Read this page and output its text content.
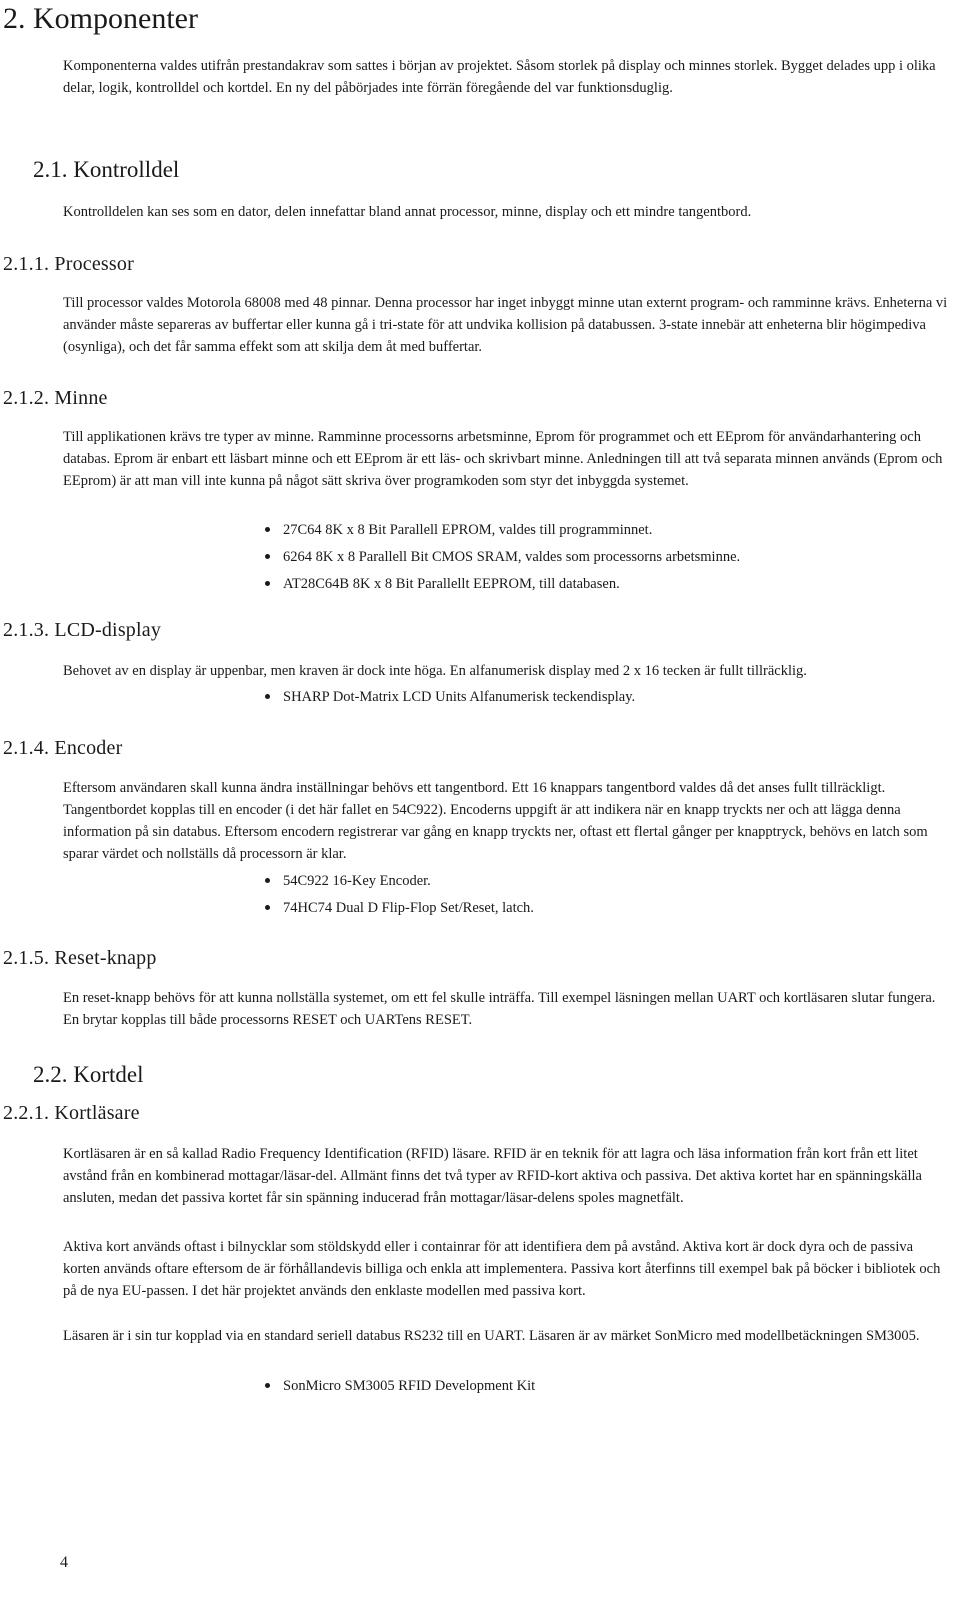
2. Komponenter
Komponenterna valdes utifrån prestandakrav som sattes i början av projektet. Såsom storlek på display och minnes storlek. Bygget delades upp i olika delar, logik, kontrolldel och kortdel. En ny del påbörjades inte förrän föregående del var funktionsduglig.
2.1. Kontrolldel
Kontrolldelen kan ses som en dator, delen innefattar bland annat processor, minne, display och ett mindre tangentbord.
2.1.1. Processor
Till processor valdes Motorola 68008 med 48 pinnar. Denna processor har inget inbyggt minne utan externt program- och ramminne krävs. Enheterna vi använder måste separeras av buffertar eller kunna gå i tri-state för att undvika kollision på databussen. 3-state innebär att enheterna blir högimpediva (osynliga), och det får samma effekt som att skilja dem åt med buffertar.
2.1.2. Minne
Till applikationen krävs tre typer av minne. Ramminne processorns arbetsminne, Eprom för programmet och ett EEprom för användarhantering och databas. Eprom är enbart ett läsbart minne och ett EEprom är ett läs- och skrivbart minne. Anledningen till att två separata minnen används (Eprom och EEprom) är att man vill inte kunna på något sätt skriva över programkoden som styr det inbyggda systemet.
27C64 8K x 8 Bit Parallell EPROM, valdes till programminnet.
6264 8K x 8 Parallell Bit CMOS SRAM, valdes som processorns arbetsminne.
AT28C64B 8K x 8 Bit Parallellt EEPROM, till databasen.
2.1.3. LCD-display
Behovet av en display är uppenbar, men kraven är dock inte höga. En alfanumerisk display med 2 x 16 tecken är fullt tillräcklig.
SHARP Dot-Matrix LCD Units Alfanumerisk teckendisplay.
2.1.4. Encoder
Eftersom användaren skall kunna ändra inställningar behövs ett tangentbord. Ett 16 knappars tangentbord valdes då det anses fullt tillräckligt. Tangentbordet kopplas till en encoder (i det här fallet en 54C922). Encoderns uppgift är att indikera när en knapp tryckts ner och att lägga denna information på sin databus. Eftersom encodern registrerar var gång en knapp tryckts ner, oftast ett flertal gånger per knapptryck, behövs en latch som sparar värdet och nollställs då processorn är klar.
54C922 16-Key Encoder.
74HC74 Dual D Flip-Flop Set/Reset, latch.
2.1.5. Reset-knapp
En reset-knapp behövs för att kunna nollställa systemet, om ett fel skulle inträffa. Till exempel läsningen mellan UART och kortläsaren slutar fungera. En brytar kopplas till både processorns RESET och UARTens RESET.
2.2. Kortdel
2.2.1. Kortläsare
Kortläsaren är en så kallad Radio Frequency Identification (RFID) läsare. RFID är en teknik för att lagra och läsa information från kort från ett litet avstånd från en kombinerad mottagar/läsar-del. Allmänt finns det två typer av RFID-kort aktiva och passiva. Det aktiva kortet har en spänningskälla ansluten, medan det passiva kortet får sin spänning inducerad från mottagar/läsar-delens spoles magnetfält.
Aktiva kort används oftast i bilnycklar som stöldskydd eller i containrar för att identifiera dem på avstånd. Aktiva kort är dock dyra och de passiva korten används oftare eftersom de är förhållandevis billiga och enkla att implementera. Passiva kort återfinns till exempel bak på böcker i bibliotek och på de nya EU-passen. I det här projektet används den enklaste modellen med passiva kort.
Läsaren är i sin tur kopplad via en standard seriell databus RS232 till en UART. Läsaren är av märket SonMicro med modellbetäckningen SM3005.
SonMicro SM3005 RFID Development Kit
4
